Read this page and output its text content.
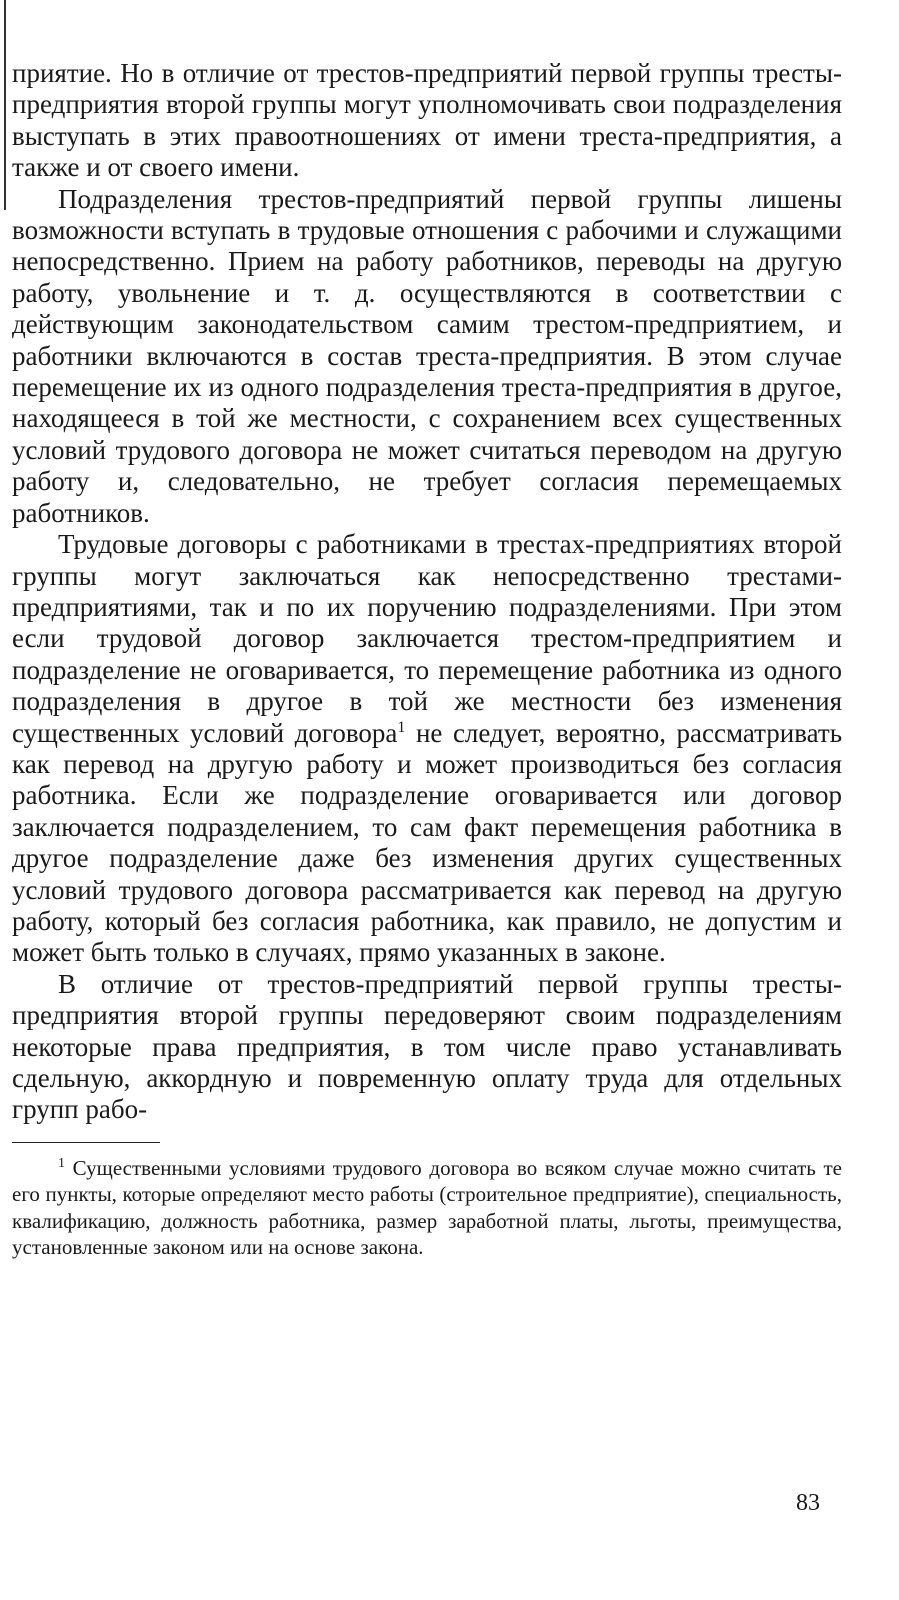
приятие. Но в отличие от трестов-предприятий первой группы тресты-предприятия второй группы могут уполномочивать свои подразделения выступать в этих правоотношениях от имени треста-предприятия, а также и от своего имени.

Подразделения трестов-предприятий первой группы лишены возможности вступать в трудовые отношения с рабочими и служащими непосредственно. Прием на работу работников, переводы на другую работу, увольнение и т. д. осуществляются в соответствии с действующим законодательством самим трестом-предприятием, и работники включаются в состав треста-предприятия. В этом случае перемещение их из одного подразделения треста-предприятия в другое, находящееся в той же местности, с сохранением всех существенных условий трудового договора не может считаться переводом на другую работу и, следовательно, не требует согласия перемещаемых работников.

Трудовые договоры с работниками в трестах-предприятиях второй группы могут заключаться как непосредственно трестами-предприятиями, так и по их поручению подразделениями. При этом если трудовой договор заключается трестом-предприятием и подразделение не оговаривается, то перемещение работника из одного подразделения в другое в той же местности без изменения существенных условий договора$^1$ не следует, вероятно, рассматривать как перевод на другую работу и может производиться без согласия работника. Если же подразделение оговаривается или договор заключается подразделением, то сам факт перемещения работника в другое подразделение даже без изменения других существенных условий трудового договора рассматривается как перевод на другую работу, который без согласия работника, как правило, не допустим и может быть только в случаях, прямо указанных в законе.

В отличие от трестов-предприятий первой группы тресты-предприятия второй группы передоверяют своим подразделениям некоторые права предприятия, в том числе право устанавливать сдельную, аккордную и повременную оплату труда для отдельных групп рабо-

$^1$ Существенными условиями трудового договора во всяком случае можно считать те его пункты, которые определяют место работы (строительное предприятие), специальность, квалификацию, должность работника, размер заработной платы, льготы, преимущества, установленные законом или на основе закона.

83
